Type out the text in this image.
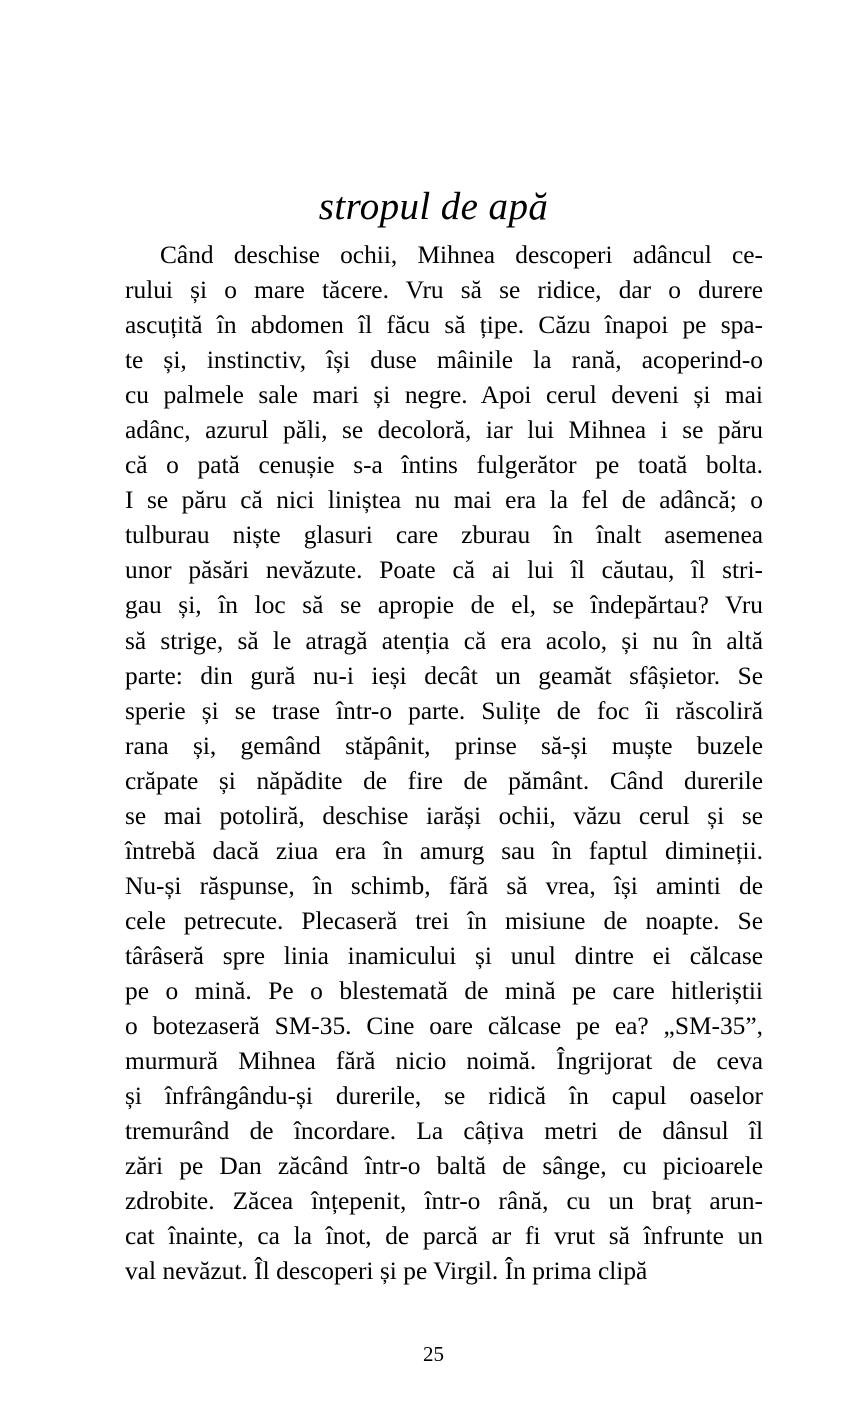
stropul de apă

Când deschise ochii, Mihnea descoperi adâncul ce-
rului și o mare tăcere. Vru să se ridice, dar o durere
ascuțită în abdomen îl făcu să țipe. Căzu înapoi pe spa-
te și, instinctiv, își duse mâinile la rană, acoperind-o
cu palmele sale mari și negre. Apoi cerul deveni și mai
adânc, azurul păli, se decoloră, iar lui Mihnea i se păru
că o pată cenușie s-a întins fulgerător pe toată bolta.
I se păru că nici liniștea nu mai era la fel de adâncă; o
tulburau niște glasuri care zburau în înalt asemenea
unor păsări nevăzute. Poate că ai lui îl căutau, îl stri-
gau și, în loc să se apropie de el, se îndepărtau? Vru
să strige, să le atragă atenția că era acolo, și nu în altă
parte: din gură nu-i ieși decât un geamăt sfâșietor. Se
sperie și se trase într-o parte. Sulițe de foc îi răscoliră
rana și, gemând stăpânit, prinse să-și muște buzele
crăpate și năpădite de fire de pământ. Când durerile
se mai potoliră, deschise iarăși ochii, văzu cerul și se
întrebă dacă ziua era în amurg sau în faptul dimineții.
Nu-și răspunse, în schimb, fără să vrea, își aminti de
cele petrecute. Plecaseră trei în misiune de noapte. Se
târâseră spre linia inamicului și unul dintre ei călcase
pe o mină. Pe o blestemată de mină pe care hitleriștii
o botezaseră SM-35. Cine oare călcase pe ea? „SM-35”,
murmură Mihnea fără nicio noimă. Îngrijorat de ceva
și înfrângându-și durerile, se ridică în capul oaselor
tremurând de încordare. La câțiva metri de dânsul îl
zări pe Dan zăcând într-o baltă de sânge, cu picioarele
zdrobite. Zăcea înțepenit, într-o rână, cu un braț arun-
cat înainte, ca la înot, de parcă ar fi vrut să înfrunte un
val nevăzut. Îl descoperi și pe Virgil. În prima clipă

25
